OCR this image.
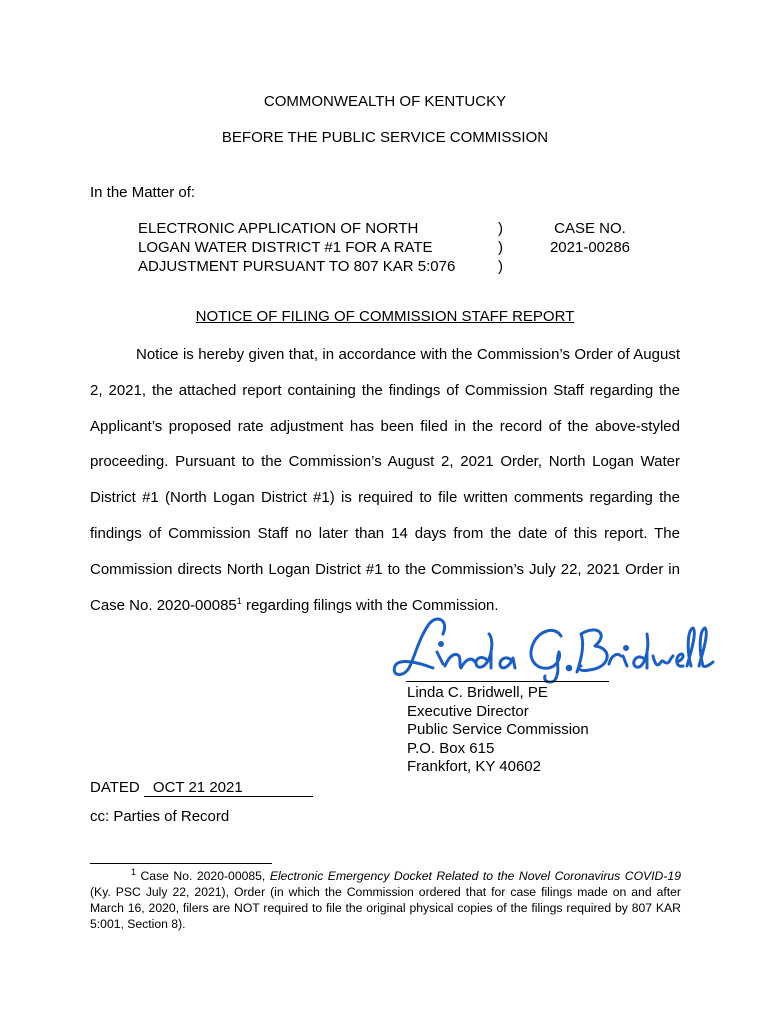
COMMONWEALTH OF KENTUCKY
BEFORE THE PUBLIC SERVICE COMMISSION
In the Matter of:
ELECTRONIC APPLICATION OF NORTH
LOGAN WATER DISTRICT #1 FOR A RATE
ADJUSTMENT PURSUANT TO 807 KAR 5:076
)
)
)
CASE NO.
2021-00286
NOTICE OF FILING OF COMMISSION STAFF REPORT
Notice is hereby given that, in accordance with the Commission’s Order of August 2, 2021, the attached report containing the findings of Commission Staff regarding the Applicant’s proposed rate adjustment has been filed in the record of the above-styled proceeding. Pursuant to the Commission’s August 2, 2021 Order, North Logan Water District #1 (North Logan District #1) is required to file written comments regarding the findings of Commission Staff no later than 14 days from the date of this report. The Commission directs North Logan District #1 to the Commission’s July 22, 2021 Order in Case No. 2020-00085$^1$ regarding filings with the Commission.
Linda C. Bridwell, PE
Executive Director
Public Service Commission
P.O. Box 615
Frankfort, KY 40602
DATED OCT 21 2021
cc: Parties of Record
$^1$ Case No. 2020-00085, Electronic Emergency Docket Related to the Novel Coronavirus COVID-19 (Ky. PSC July 22, 2021), Order (in which the Commission ordered that for case filings made on and after March 16, 2020, filers are NOT required to file the original physical copies of the filings required by 807 KAR 5:001, Section 8).
